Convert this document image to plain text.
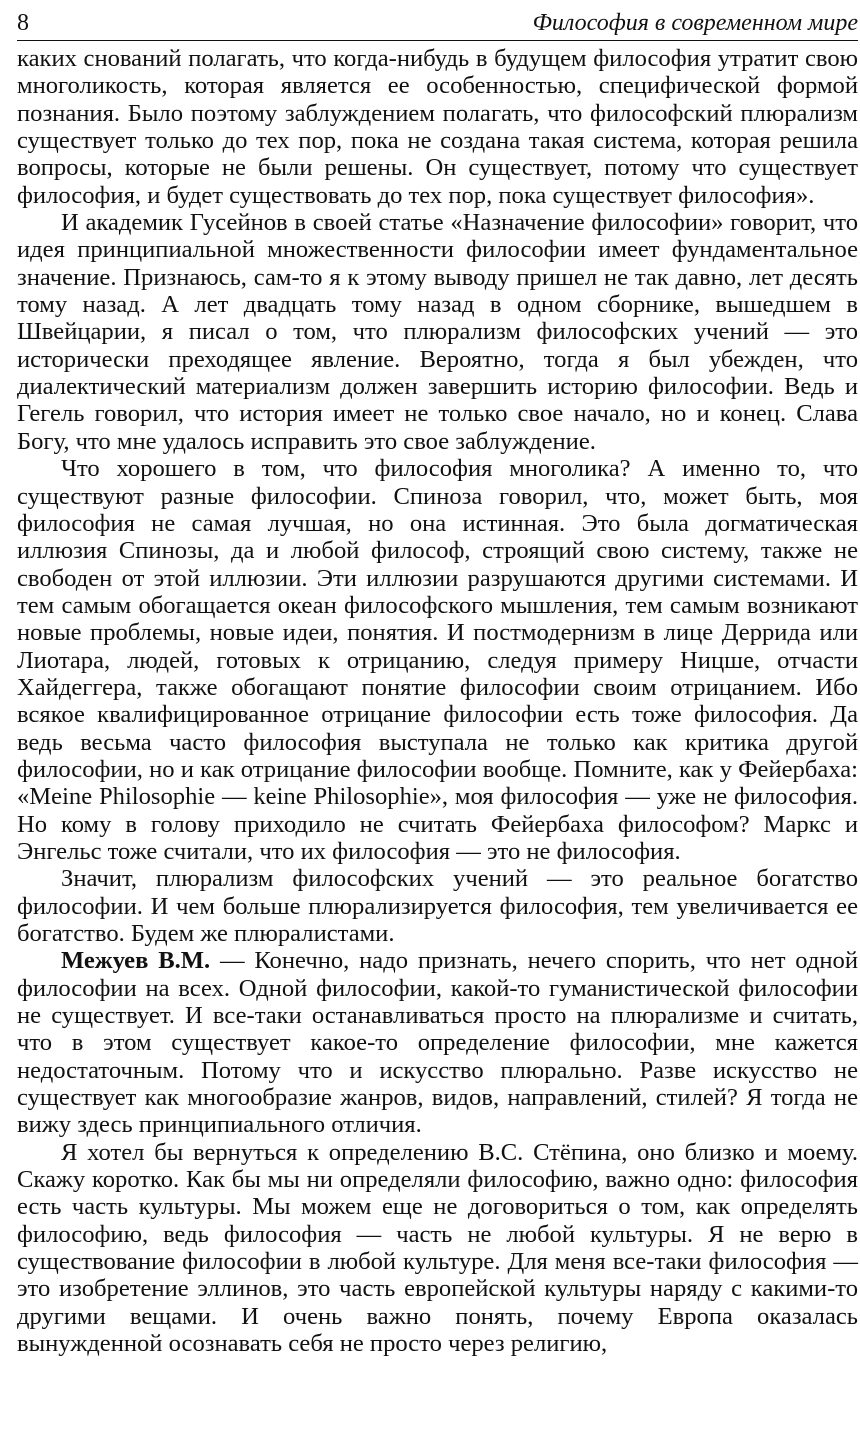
8	Философия в современном мире

каких снований полагать, что когда-нибудь в будущем философия утратит свою многоликость, которая является ее особенностью, специфической формой познания. Было поэтому заблуждением полагать, что философский плюрализм существует только до тех пор, пока не создана такая система, которая решила вопросы, которые не были решены. Он существует, потому что существует философия, и будет существовать до тех пор, пока существует философия».

И академик Гусейнов в своей статье «Назначение философии» говорит, что идея принципиальной множественности философии имеет фундаментальное значение. Признаюсь, сам-то я к этому выводу пришел не так давно, лет десять тому назад. А лет двадцать тому назад в одном сборнике, вышедшем в Швейцарии, я писал о том, что плюрализм философских учений — это исторически преходящее явление. Вероятно, тогда я был убежден, что диалектический материализм должен завершить историю философии. Ведь и Гегель говорил, что история имеет не только свое начало, но и конец. Слава Богу, что мне удалось исправить это свое заблуждение.

Что хорошего в том, что философия многолика? А именно то, что существуют разные философии. Спиноза говорил, что, может быть, моя философия не самая лучшая, но она истинная. Это была догматическая иллюзия Спинозы, да и любой философ, строящий свою систему, также не свободен от этой иллюзии. Эти иллюзии разрушаются другими системами. И тем самым обогащается океан философского мышления, тем самым возникают новые проблемы, новые идеи, понятия. И постмодернизм в лице Деррида или Лиотара, людей, готовых к отрицанию, следуя примеру Ницше, отчасти Хайдеггера, также обогащают понятие философии своим отрицанием. Ибо всякое квалифицированное отрицание философии есть тоже философия. Да ведь весьма часто философия выступала не только как критика другой философии, но и как отрицание философии вообще. Помните, как у Фейербаха: «Meine Philosophie — keine Philosophie», моя философия — уже не философия. Но кому в голову приходило не считать Фейербаха философом? Маркс и Энгельс тоже считали, что их философия — это не философия.

Значит, плюрализм философских учений — это реальное богатство философии. И чем больше плюрализируется философия, тем увеличивается ее богатство. Будем же плюралистами.

Межуев В.М. — Конечно, надо признать, нечего спорить, что нет одной философии на всех. Одной философии, какой-то гуманистической философии не существует. И все-таки останавливаться просто на плюрализме и считать, что в этом существует какое-то определение философии, мне кажется недостаточным. Потому что и искусство плюрально. Разве искусство не существует как многообразие жанров, видов, направлений, стилей? Я тогда не вижу здесь принципиального отличия.

Я хотел бы вернуться к определению В.С. Стёпина, оно близко и моему. Скажу коротко. Как бы мы ни определяли философию, важно одно: философия есть часть культуры. Мы можем еще не договориться о том, как определять философию, ведь философия — часть не любой культуры. Я не верю в существование философии в любой культуре. Для меня все-таки философия — это изобретение эллинов, это часть европейской культуры наряду с какими-то другими вещами. И очень важно понять, почему Европа оказалась вынужденной осознавать себя не просто через религию,
